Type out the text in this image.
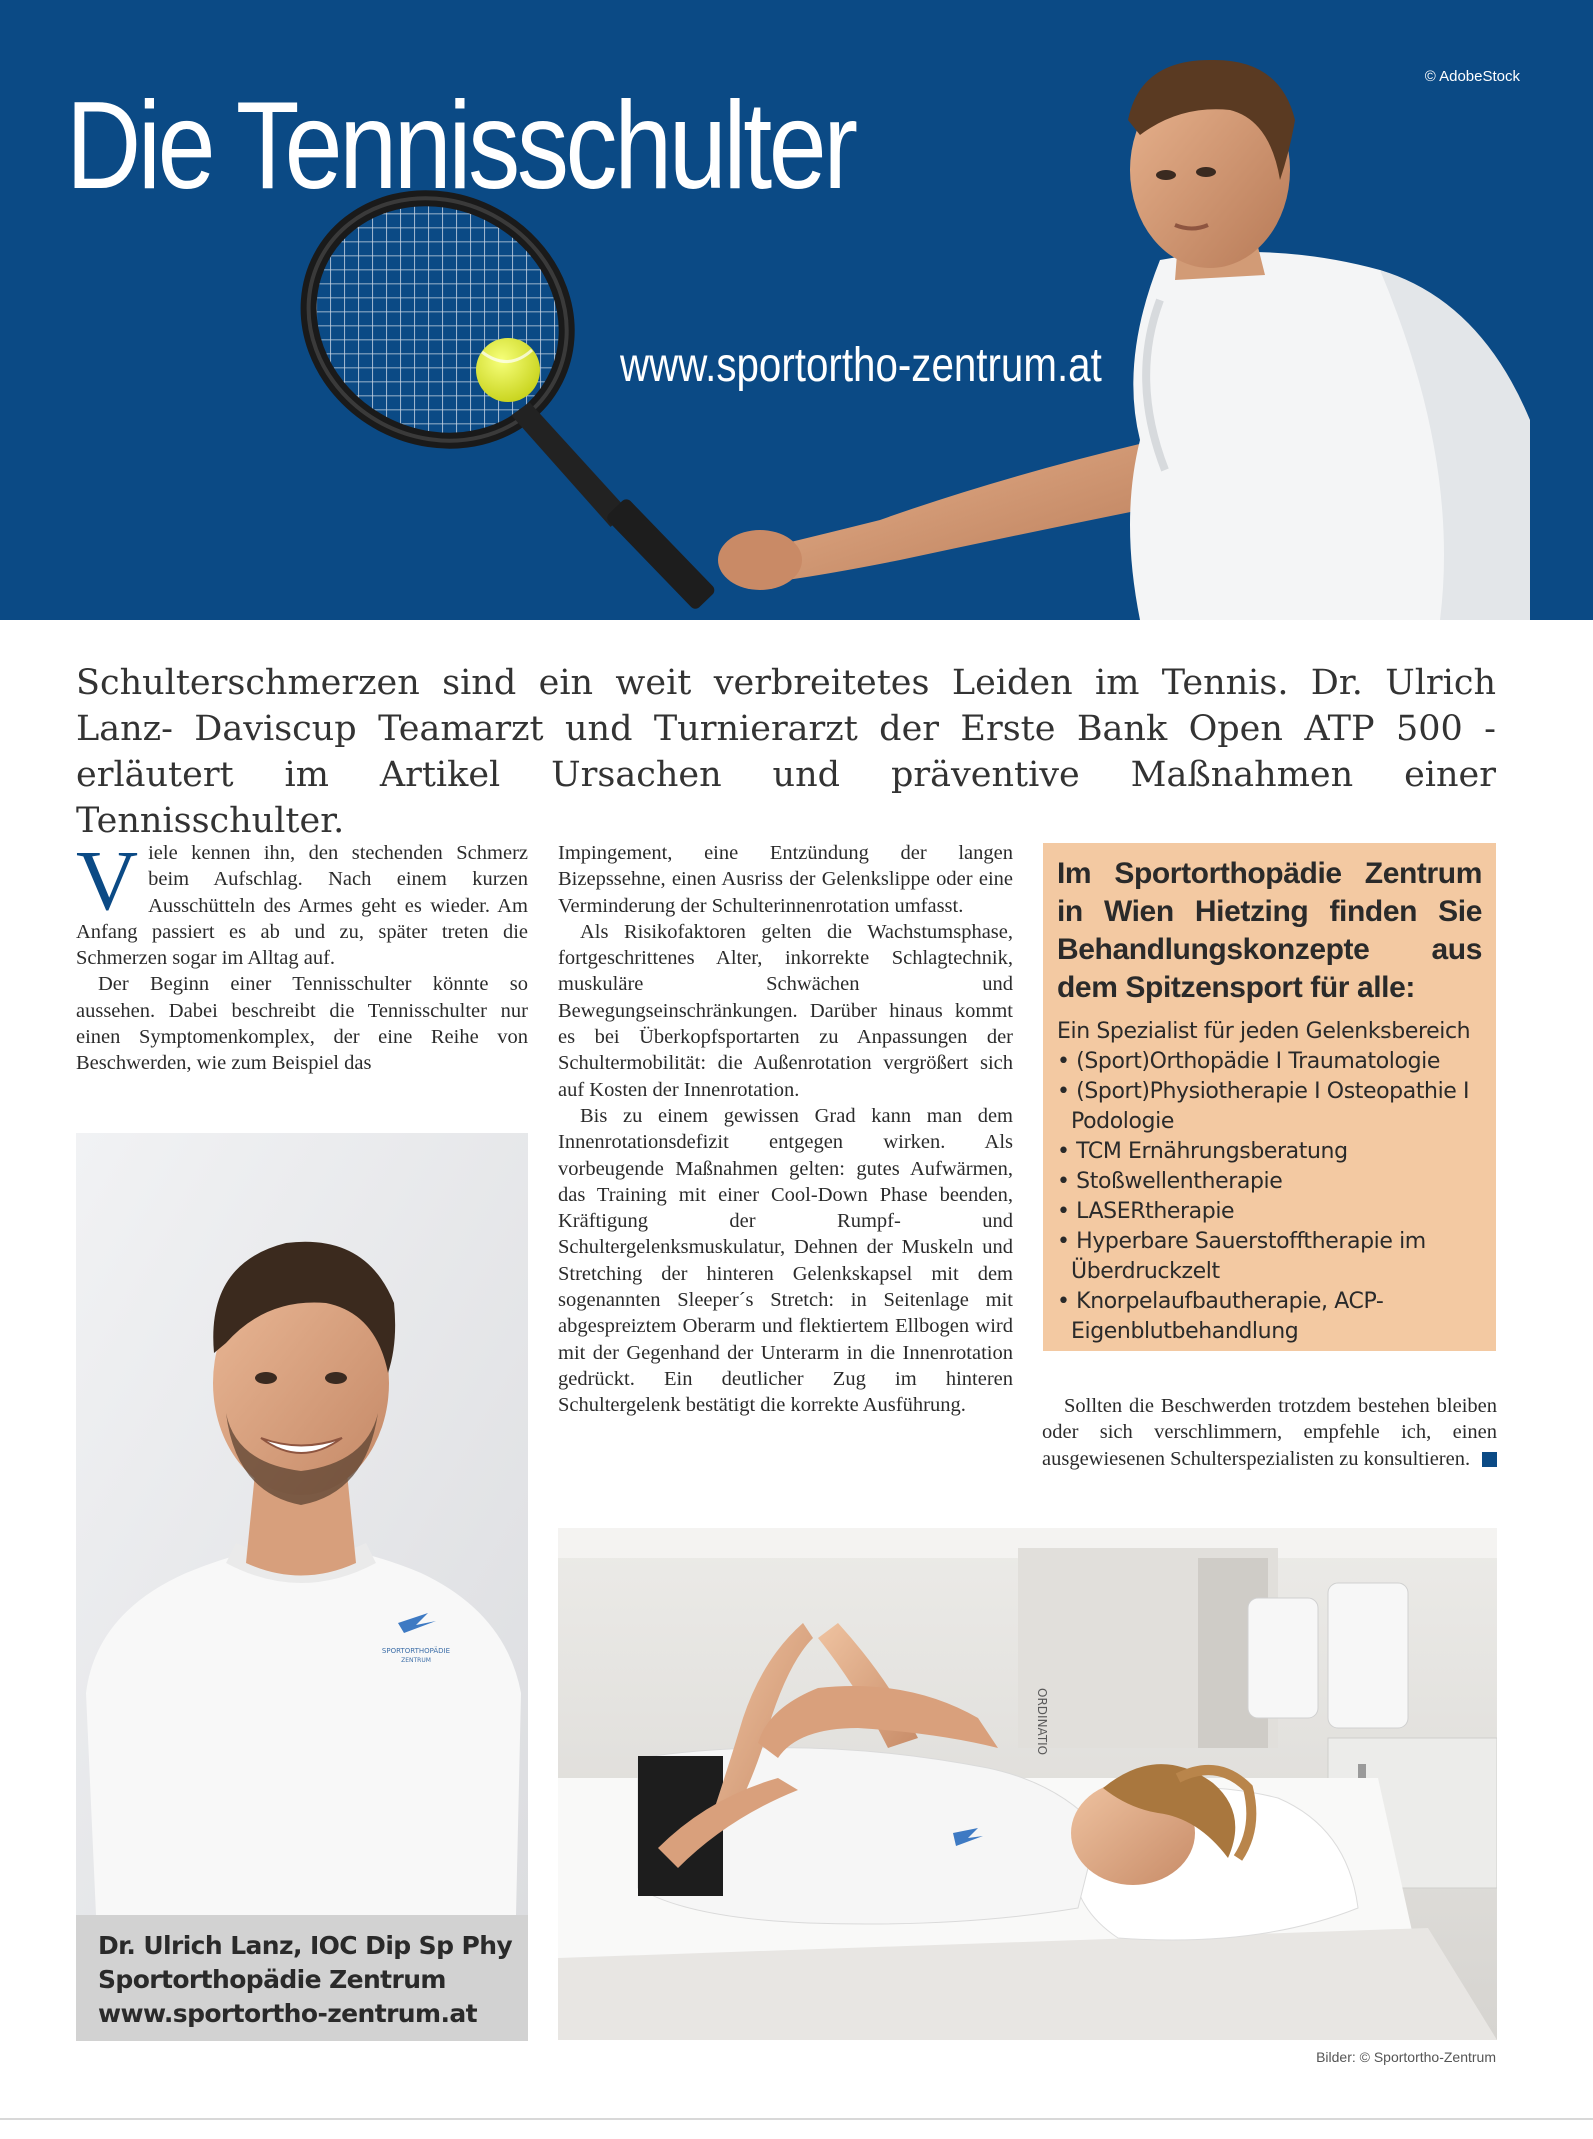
Die Tennisschulter
www.sportortho-zentrum.at
© AdobeStock
Schulterschmerzen sind ein weit verbreitetes Leiden im Tennis. Dr. Ulrich Lanz- Daviscup Teamarzt und Turnierarzt der Erste Bank Open ATP 500 - erläutert im Artikel Ursachen und präventive Maßnahmen einer Tennisschulter.

Viele kennen ihn, den stechenden Schmerz beim Aufschlag. Nach einem kurzen Ausschütteln des Armes geht es wieder. Am Anfang passiert es ab und zu, später treten die Schmerzen sogar im Alltag auf.

Der Beginn einer Tennisschulter könnte so aussehen. Dabei beschreibt die Tennisschulter nur einen Symptomenkomplex, der eine Reihe von Beschwerden, wie zum Beispiel das

Impingement, eine Entzündung der langen Bizepssehne, einen Ausriss der Gelenkslippe oder eine Verminderung der Schulterinnenrotation umfasst.

Als Risikofaktoren gelten die Wachstumsphase, fortgeschrittenes Alter, inkorrekte Schlagtechnik, muskuläre Schwächen und Bewegungseinschränkungen. Darüber hinaus kommt es bei Überkopfsportarten zu Anpassungen der Schultermobilität: die Außenrotation vergrößert sich auf Kosten der Innenrotation.

Bis zu einem gewissen Grad kann man dem Innenrotationsdefizit entgegen wirken. Als vorbeugende Maßnahmen gelten: gutes Aufwärmen, das Training mit einer Cool-Down Phase beenden, Kräftigung der Rumpf- und Schultergelenksmuskulatur, Dehnen der Muskeln und Stretching der hinteren Gelenkskapsel mit dem sogenannten Sleeper´s Stretch: in Seitenlage mit abgespreiztem Oberarm und flektiertem Ellbogen wird mit der Gegenhand der Unterarm in die Innenrotation gedrückt. Ein deutlicher Zug im hinteren Schultergelenk bestätigt die korrekte Ausführung.

Im Sportorthopädie Zentrum in Wien Hietzing finden Sie Behandlungskonzepte aus dem Spitzensport für alle:
Ein Spezialist für jeden Gelenksbereich
• (Sport)Orthopädie I Traumatologie
• (Sport)Physiotherapie I Osteopathie I Podologie
• TCM Ernährungsberatung
• Stoßwellentherapie
• LASERtherapie
• Hyperbare Sauerstofftherapie im Überdruckzelt
• Knorpelaufbautherapie, ACP-Eigenblutbehandlung

Sollten die Beschwerden trotzdem bestehen bleiben oder sich verschlimmern, empfehle ich, einen ausgewiesenen Schulterspezialisten zu konsultieren.

SPORTORTHOPÄDIE
ZENTRUM
Dr. Ulrich Lanz, IOC Dip Sp Phy
Sportorthopädie Zentrum
www.sportortho-zentrum.at
ORDINATIO
Bilder: © Sportortho-Zentrum
